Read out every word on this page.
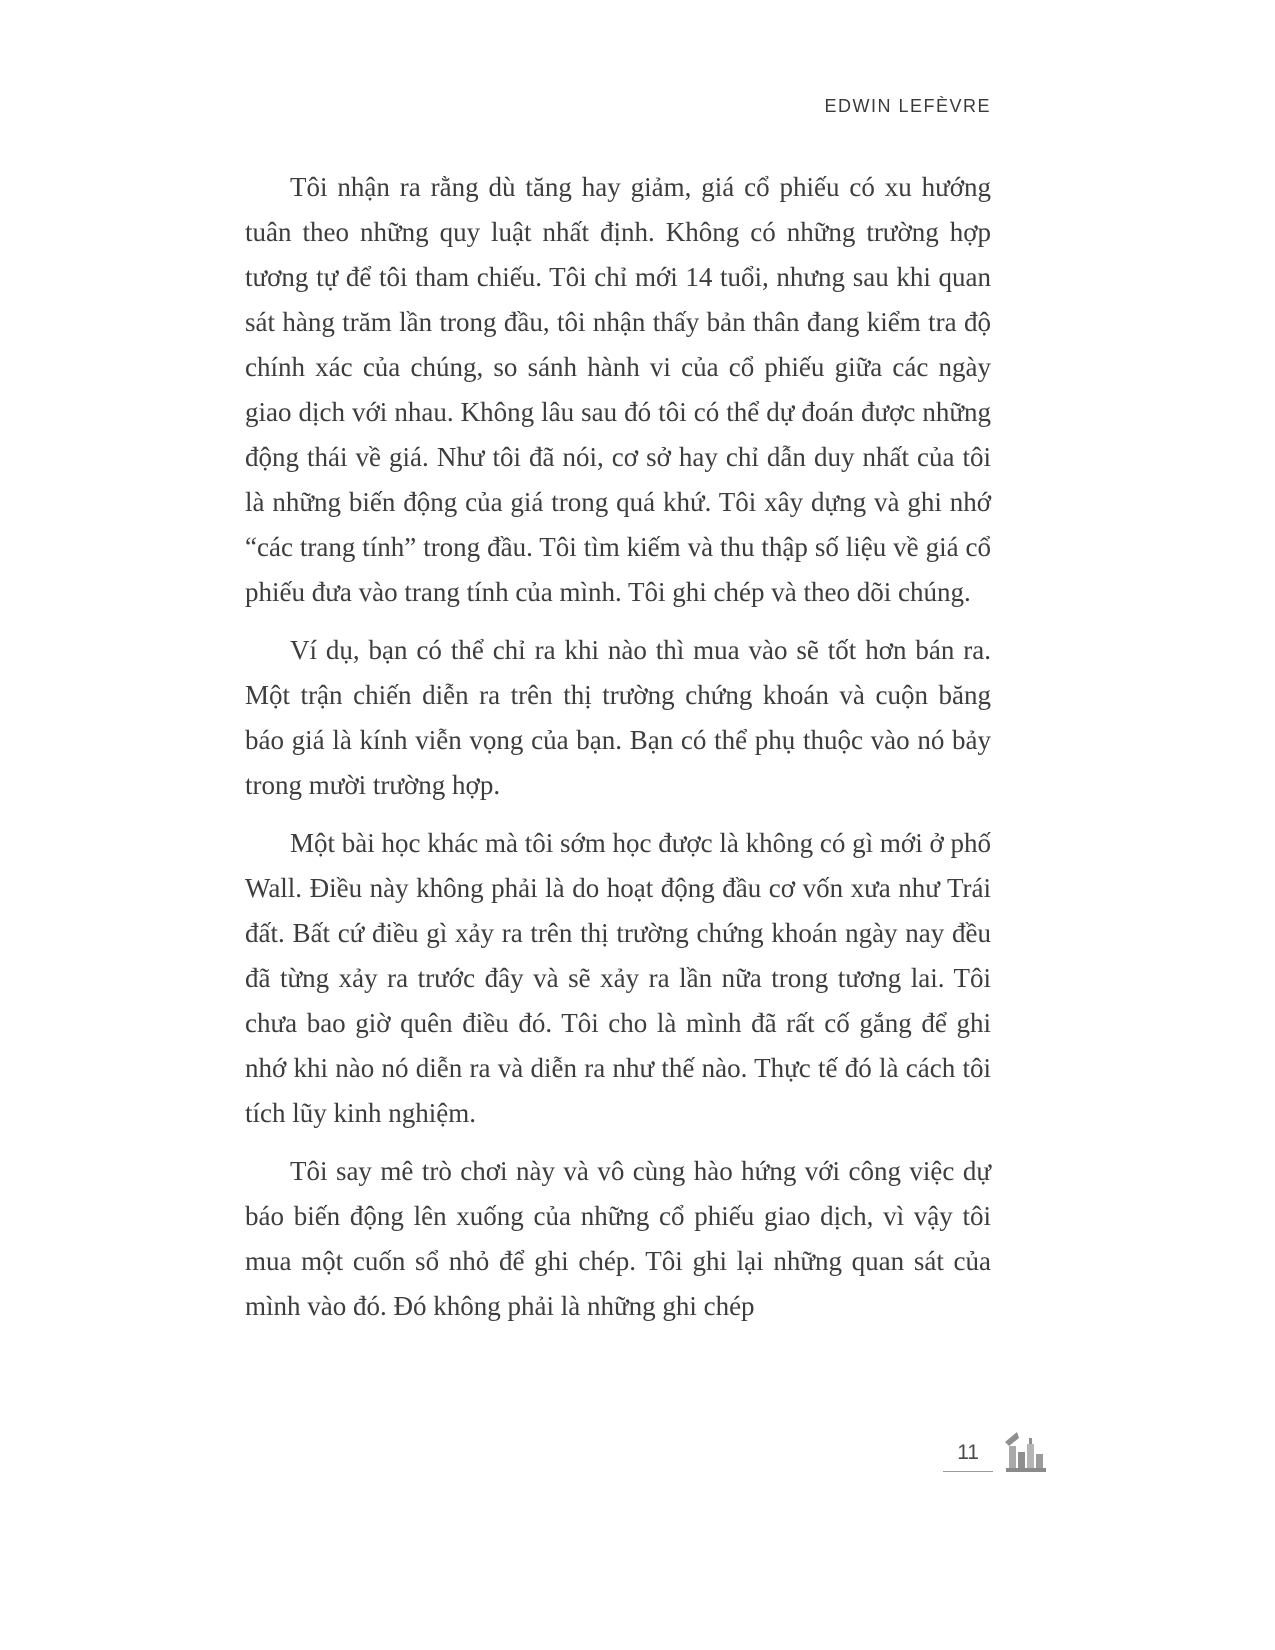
EDWIN LEFÈVRE

Tôi nhận ra rằng dù tăng hay giảm, giá cổ phiếu có xu hướng tuân theo những quy luật nhất định. Không có những trường hợp tương tự để tôi tham chiếu. Tôi chỉ mới 14 tuổi, nhưng sau khi quan sát hàng trăm lần trong đầu, tôi nhận thấy bản thân đang kiểm tra độ chính xác của chúng, so sánh hành vi của cổ phiếu giữa các ngày giao dịch với nhau. Không lâu sau đó tôi có thể dự đoán được những động thái về giá. Như tôi đã nói, cơ sở hay chỉ dẫn duy nhất của tôi là những biến động của giá trong quá khứ. Tôi xây dựng và ghi nhớ “các trang tính” trong đầu. Tôi tìm kiếm và thu thập số liệu về giá cổ phiếu đưa vào trang tính của mình. Tôi ghi chép và theo dõi chúng.

Ví dụ, bạn có thể chỉ ra khi nào thì mua vào sẽ tốt hơn bán ra. Một trận chiến diễn ra trên thị trường chứng khoán và cuộn băng báo giá là kính viễn vọng của bạn. Bạn có thể phụ thuộc vào nó bảy trong mười trường hợp.

Một bài học khác mà tôi sớm học được là không có gì mới ở phố Wall. Điều này không phải là do hoạt động đầu cơ vốn xưa như Trái đất. Bất cứ điều gì xảy ra trên thị trường chứng khoán ngày nay đều đã từng xảy ra trước đây và sẽ xảy ra lần nữa trong tương lai. Tôi chưa bao giờ quên điều đó. Tôi cho là mình đã rất cố gắng để ghi nhớ khi nào nó diễn ra và diễn ra như thế nào. Thực tế đó là cách tôi tích lũy kinh nghiệm.

Tôi say mê trò chơi này và vô cùng hào hứng với công việc dự báo biến động lên xuống của những cổ phiếu giao dịch, vì vậy tôi mua một cuốn sổ nhỏ để ghi chép. Tôi ghi lại những quan sát của mình vào đó. Đó không phải là những ghi chép

11
